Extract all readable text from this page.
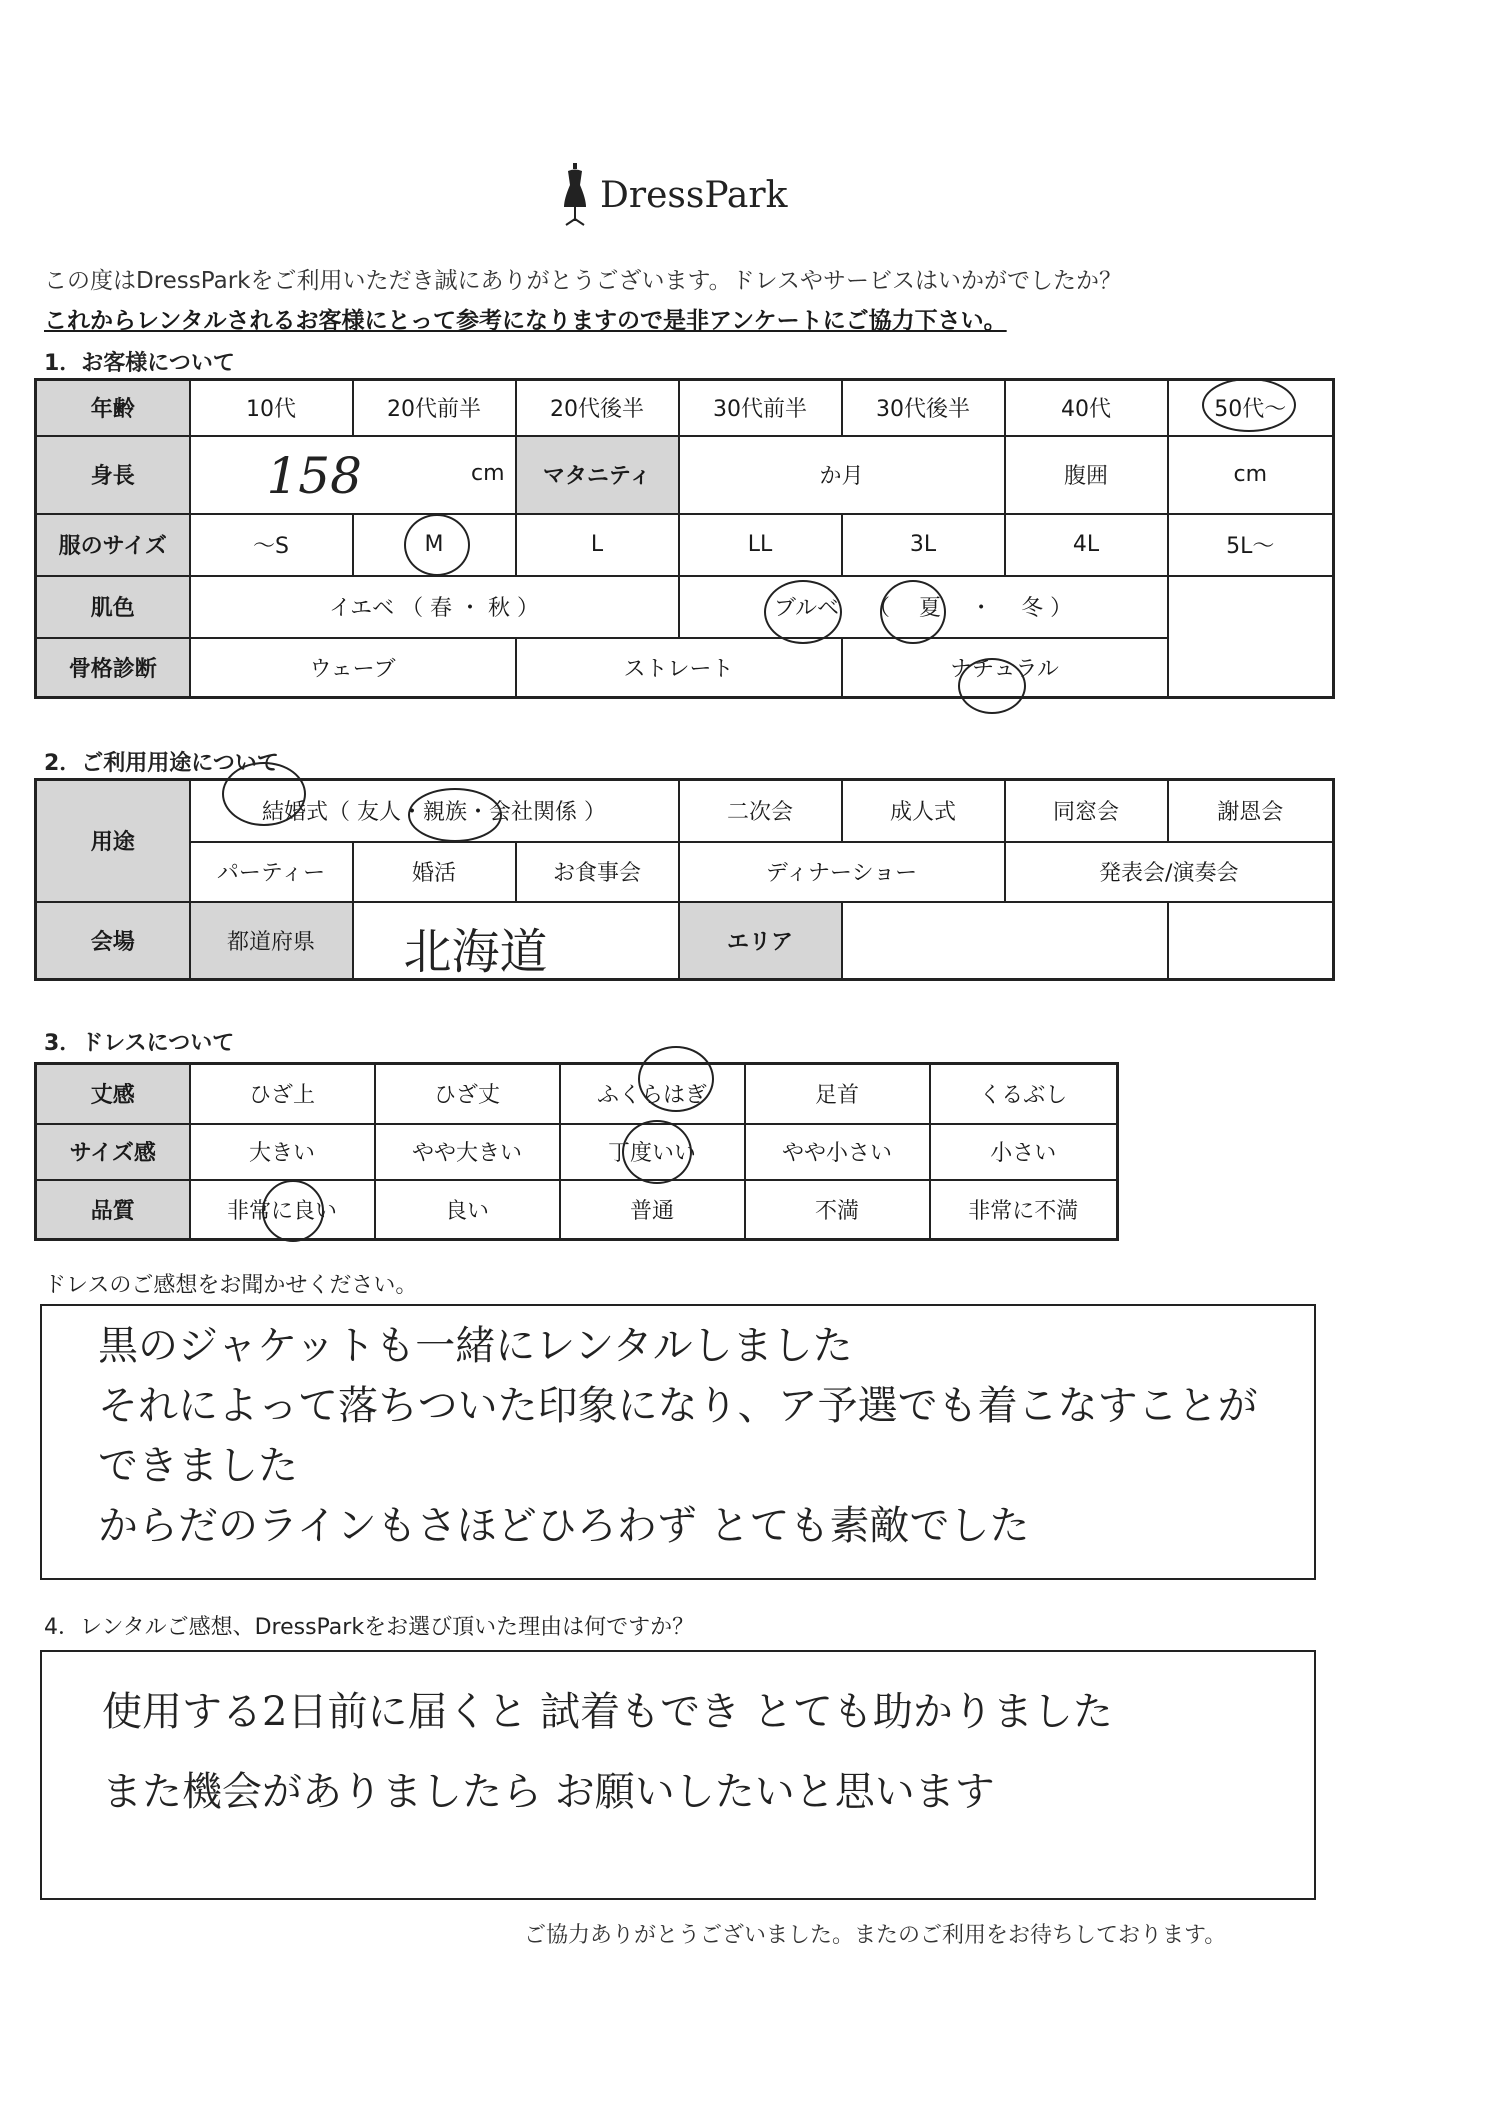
DressPark
この度はDressParkをご利用いただき誠にありがとうございます。ドレスやサービスはいかがでしたか？
これからレンタルされるお客様にとって参考になりますので是非アンケートにご協力下さい。
1．お客様について
年齢	10代	20代前半	20代後半	30代前半	30代後半	40代	50代～
身長	158 cm		マタニティ	か月		腹囲	cm
服のサイズ	～S	M	L	LL	3L	4L	5L～
肌色	イエベ （ 春 ・ 秋 ）			ブルベ （ 夏 ・ 冬 ）			
骨格診断	ウェーブ		ストレート		ナチュラル		
2．ご利用用途について
用途	結婚式（ 友人・親族・会社関係 ）			二次会	成人式	同窓会	謝恩会
	パーティー	婚活	お食事会	ディナーショー		発表会/演奏会	
会場	都道府県	北海道		エリア			
3．ドレスについて
丈感	ひざ上	ひざ丈	ふくらはぎ	足首	くるぶし
サイズ感	大きい	やや大きい	丁度いい	やや小さい	小さい
品質	非常に良い	良い	普通	不満	非常に不満
ドレスのご感想をお聞かせください。
黒のジャケットも一緒にレンタルしました
それによって落ちついた印象になり、ア予選でも着こなすことが
できました
からだのラインもさほどひろわず とても素敵でした
4．レンタルご感想、DressParkをお選び頂いた理由は何ですか？
使用する2日前に届くと 試着もでき とても助かりました
また機会がありましたら お願いしたいと思います
ご協力ありがとうございました。またのご利用をお待ちしております。
